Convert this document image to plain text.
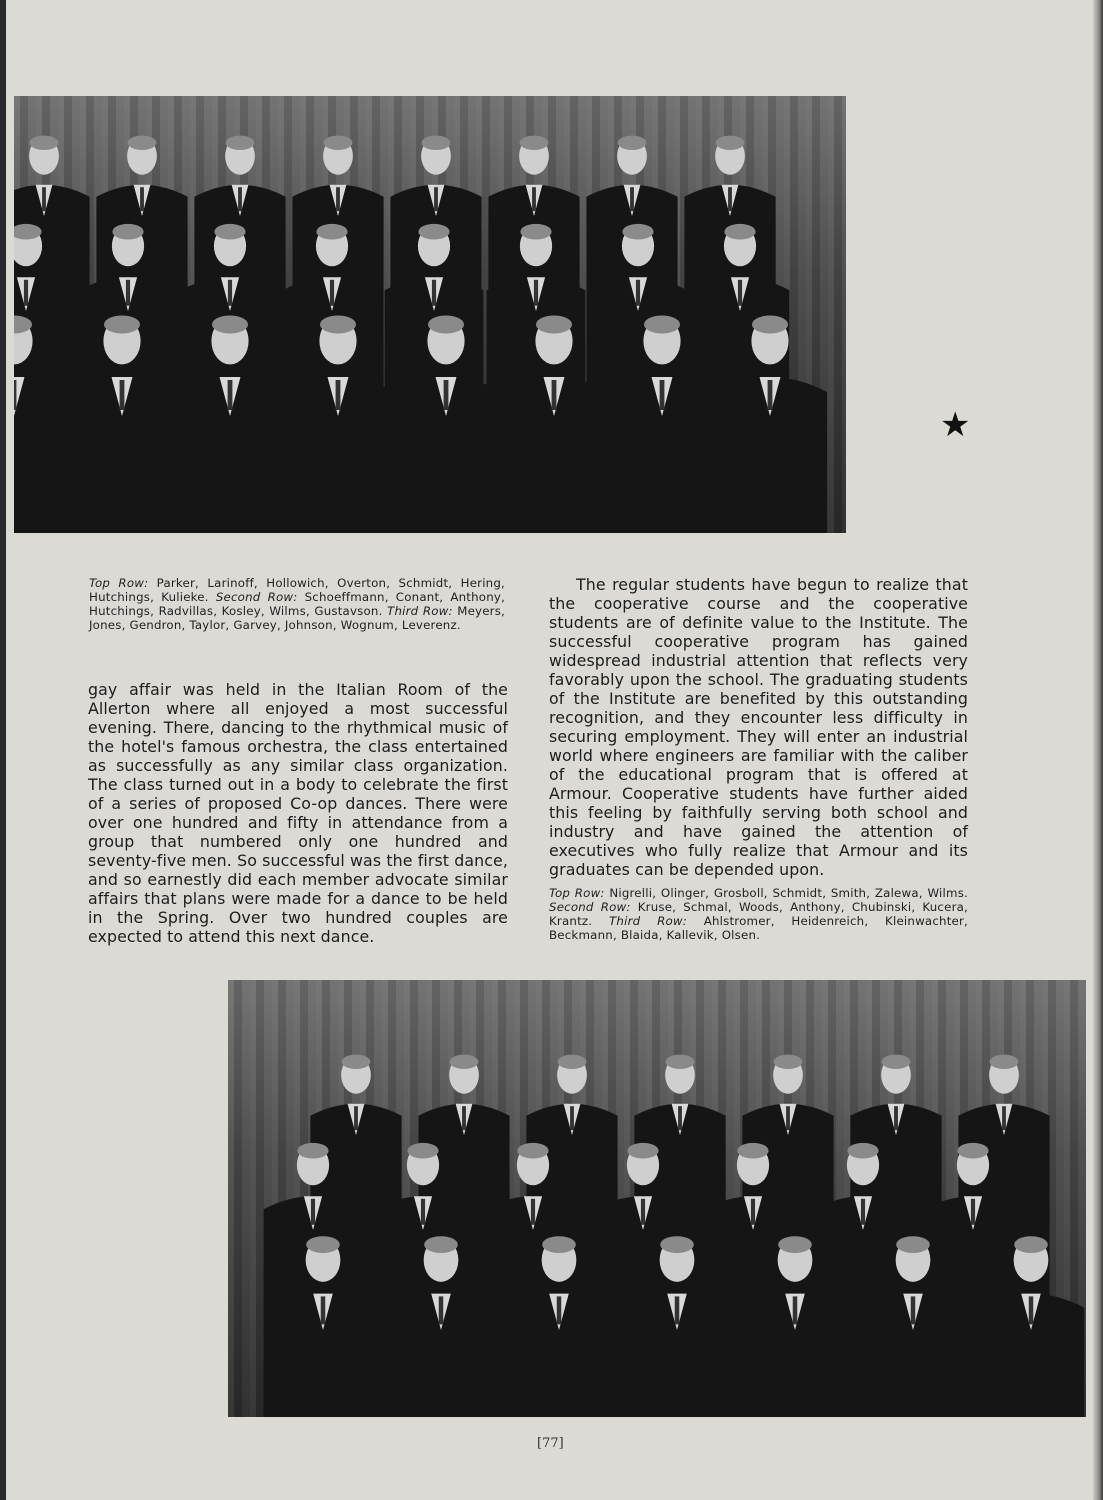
★
Top Row: Parker, Larinoff, Hollowich, Overton, Schmidt, Hering, Hutchings, Kulieke. Second Row: Schoeffmann, Conant, Anthony, Hutchings, Radvillas, Kosley, Wilms, Gustavson. Third Row: Meyers, Jones, Gendron, Taylor, Garvey, Johnson, Wognum, Leverenz.

gay affair was held in the Italian Room of the Allerton where all enjoyed a most successful evening. There, dancing to the rhythmical music of the hotel's famous orchestra, the class entertained as successfully as any similar class organization. The class turned out in a body to celebrate the first of a series of proposed Co-op dances. There were over one hundred and fifty in attendance from a group that numbered only one hundred and seventy-five men. So successful was the first dance, and so earnestly did each member advocate similar affairs that plans were made for a dance to be held in the Spring. Over two hundred couples are expected to attend this next dance.

The regular students have begun to realize that the cooperative course and the cooperative students are of definite value to the Institute. The successful cooperative program has gained widespread industrial attention that reflects very favorably upon the school. The graduating students of the Institute are benefited by this outstanding recognition, and they encounter less difficulty in securing employment. They will enter an industrial world where engineers are familiar with the caliber of the educational program that is offered at Armour. Cooperative students have further aided this feeling by faithfully serving both school and industry and have gained the attention of executives who fully realize that Armour and its graduates can be depended upon.

Top Row: Nigrelli, Olinger, Grosboll, Schmidt, Smith, Zalewa, Wilms. Second Row: Kruse, Schmal, Woods, Anthony, Chubinski, Kucera, Krantz. Third Row: Ahlstromer, Heidenreich, Kleinwachter, Beckmann, Blaida, Kallevik, Olsen.
[77]
